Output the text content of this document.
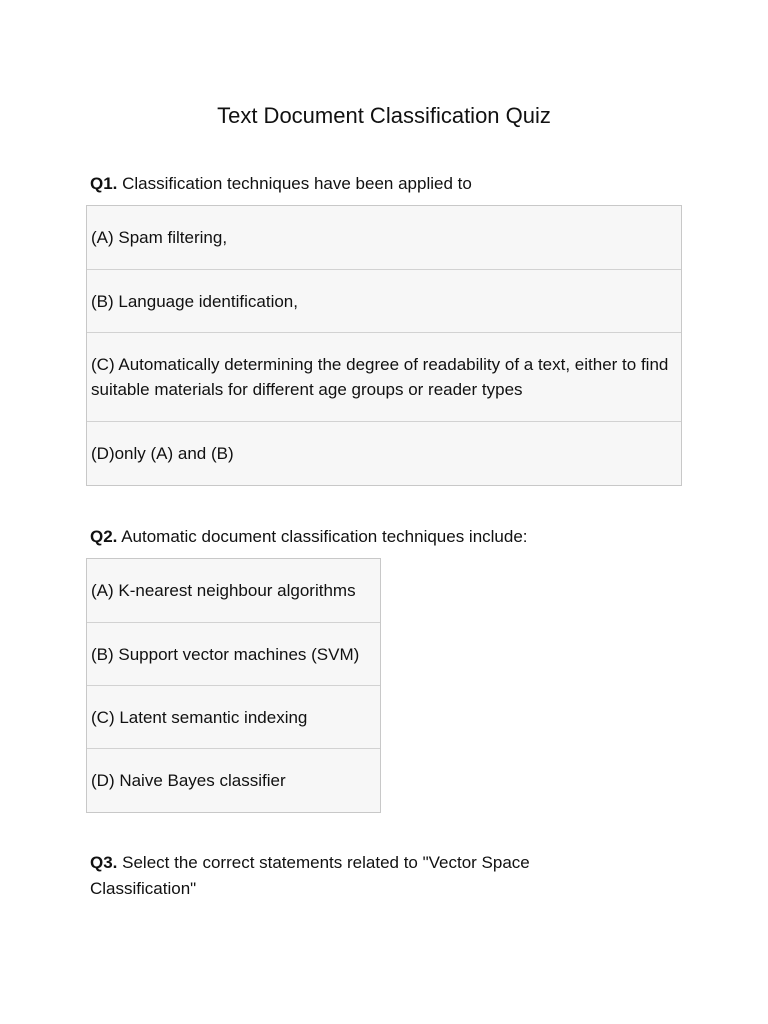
Text Document Classification Quiz
Q1. Classification techniques have been applied to
(A) Spam filtering,
(B) Language identification,
(C) Automatically determining the degree of readability of a text, either to find suitable materials for different age groups or reader types
(D)only (A) and (B)
Q2. Automatic document classification techniques include:
(A) K-nearest neighbour algorithms
(B) Support vector machines (SVM)
(C) Latent semantic indexing
(D) Naive Bayes classifier
Q3. Select the correct statements related to "Vector Space Classification"
